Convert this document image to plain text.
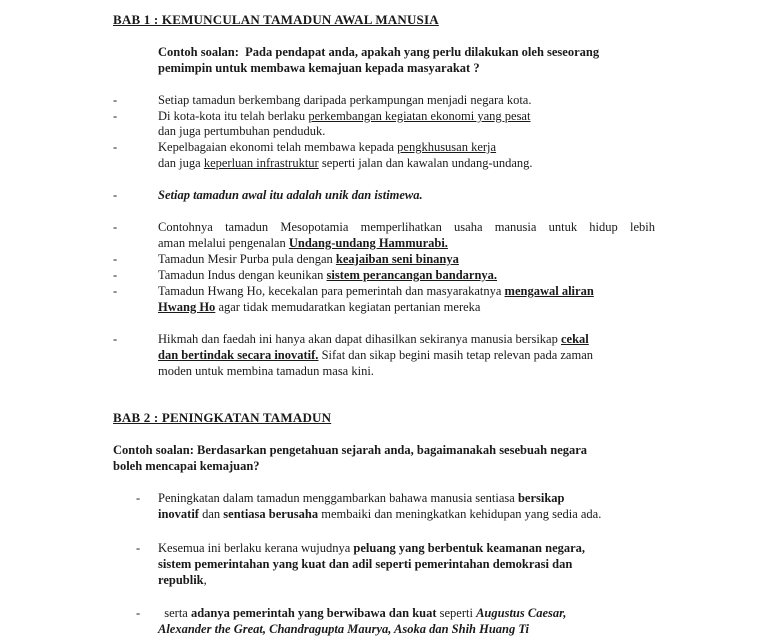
BAB 1 : KEMUNCULAN TAMADUN AWAL MANUSIA
Contoh soalan: Pada pendapat anda, apakah yang perlu dilakukan oleh seseorang
pemimpin untuk membawa kemajuan kepada masyarakat ?
-	Setiap tamadun berkembang daripada perkampungan menjadi negara kota.
-	Di kota-kota itu telah berlaku perkembangan kegiatan ekonomi yang pesat
dan juga pertumbuhan penduduk.
-	Kepelbagaian ekonomi telah membawa kepada pengkhususan kerja
dan juga keperluan infrastruktur seperti jalan dan kawalan undang-undang.
-	Setiap tamadun awal itu adalah unik dan istimewa.
-	Contohnya tamadun Mesopotamia memperlihatkan usaha manusia untuk hidup lebih
aman melalui pengenalan Undang-undang Hammurabi.
-	Tamadun Mesir Purba pula dengan keajaiban seni binanya
-	Tamadun Indus dengan keunikan sistem perancangan bandarnya.
-	Tamadun Hwang Ho, kecekalan para pemerintah dan masyarakatnya mengawal aliran
Hwang Ho agar tidak memudaratkan kegiatan pertanian mereka
-	Hikmah dan faedah ini hanya akan dapat dihasilkan sekiranya manusia bersikap cekal
dan bertindak secara inovatif. Sifat dan sikap begini masih tetap relevan pada zaman
moden untuk membina tamadun masa kini.
BAB 2 : PENINGKATAN TAMADUN
Contoh soalan: Berdasarkan pengetahuan sejarah anda, bagaimanakah sesebuah negara
boleh mencapai kemajuan?
-	Peningkatan dalam tamadun menggambarkan bahawa manusia sentiasa bersikap
inovatif dan sentiasa berusaha membaiki dan meningkatkan kehidupan yang sedia ada.
-	Kesemua ini berlaku kerana wujudnya peluang yang berbentuk keamanan negara,
sistem pemerintahan yang kuat dan adil seperti pemerintahan demokrasi dan
republik,
-	serta adanya pemerintah yang berwibawa dan kuat seperti Augustus Caesar,
Alexander the Great, Chandragupta Maurya, Asoka dan Shih Huang Ti
